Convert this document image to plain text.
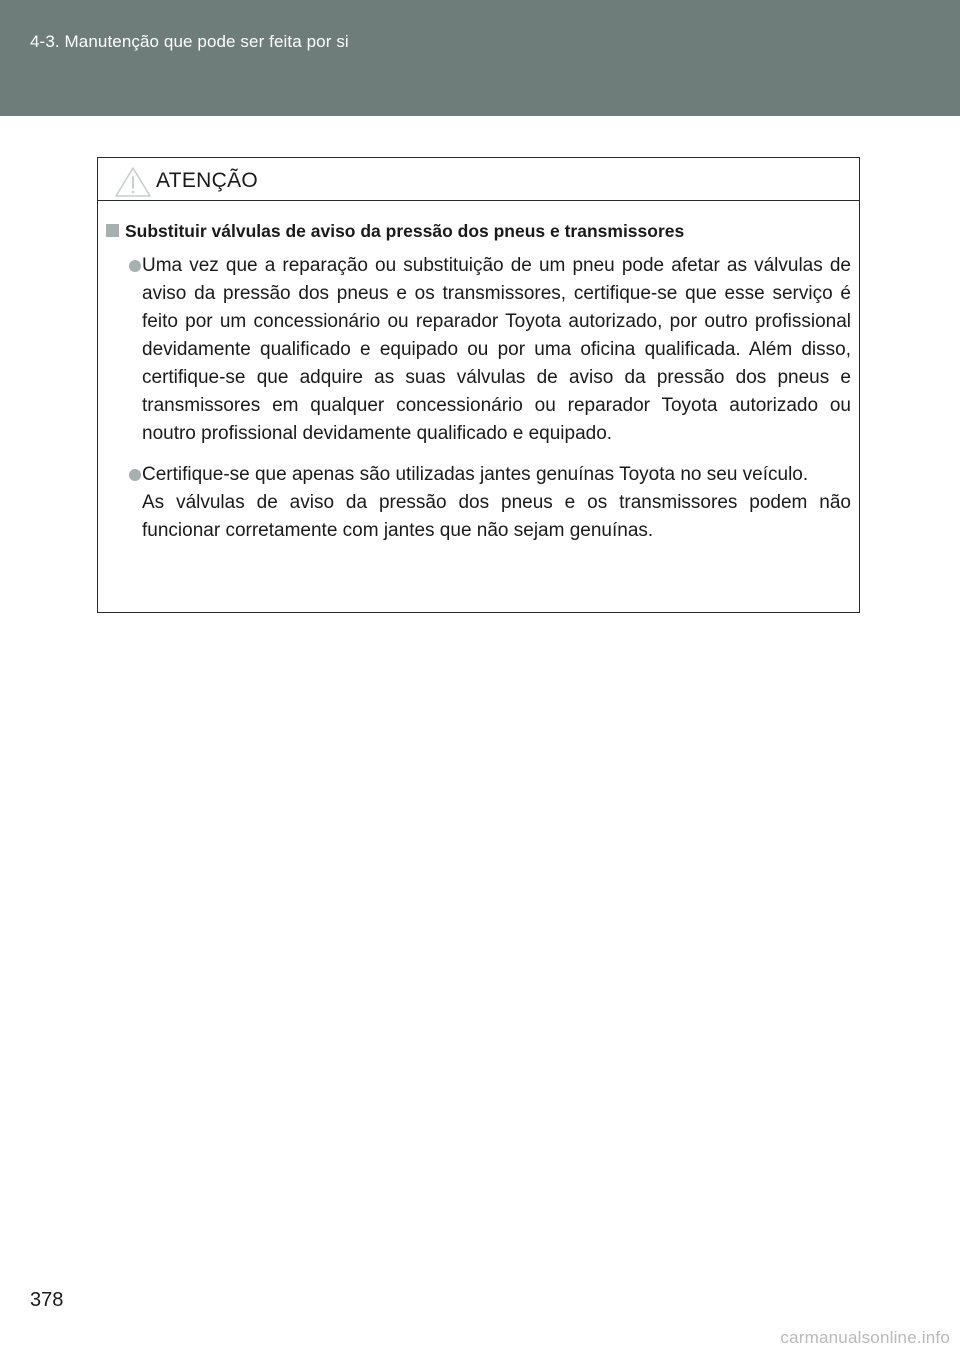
4-3. Manutenção que pode ser feita por si
ATENÇÃO
Substituir válvulas de aviso da pressão dos pneus e transmissores

Uma vez que a reparação ou substituição de um pneu pode afetar as válvulas de aviso da pressão dos pneus e os transmissores, certifique-se que esse serviço é feito por um concessionário ou reparador Toyota autorizado, por outro profissional devidamente qualificado e equipado ou por uma oficina qualificada. Além disso, certifique-se que adquire as suas válvulas de aviso da pressão dos pneus e transmissores em qualquer concessionário ou reparador Toyota autorizado ou noutro profissional devidamente qualificado e equipado.

Certifique-se que apenas são utilizadas jantes genuínas Toyota no seu veículo.

As válvulas de aviso da pressão dos pneus e os transmissores podem não funcionar corretamente com jantes que não sejam genuínas.

378
carmanualsonline.info
